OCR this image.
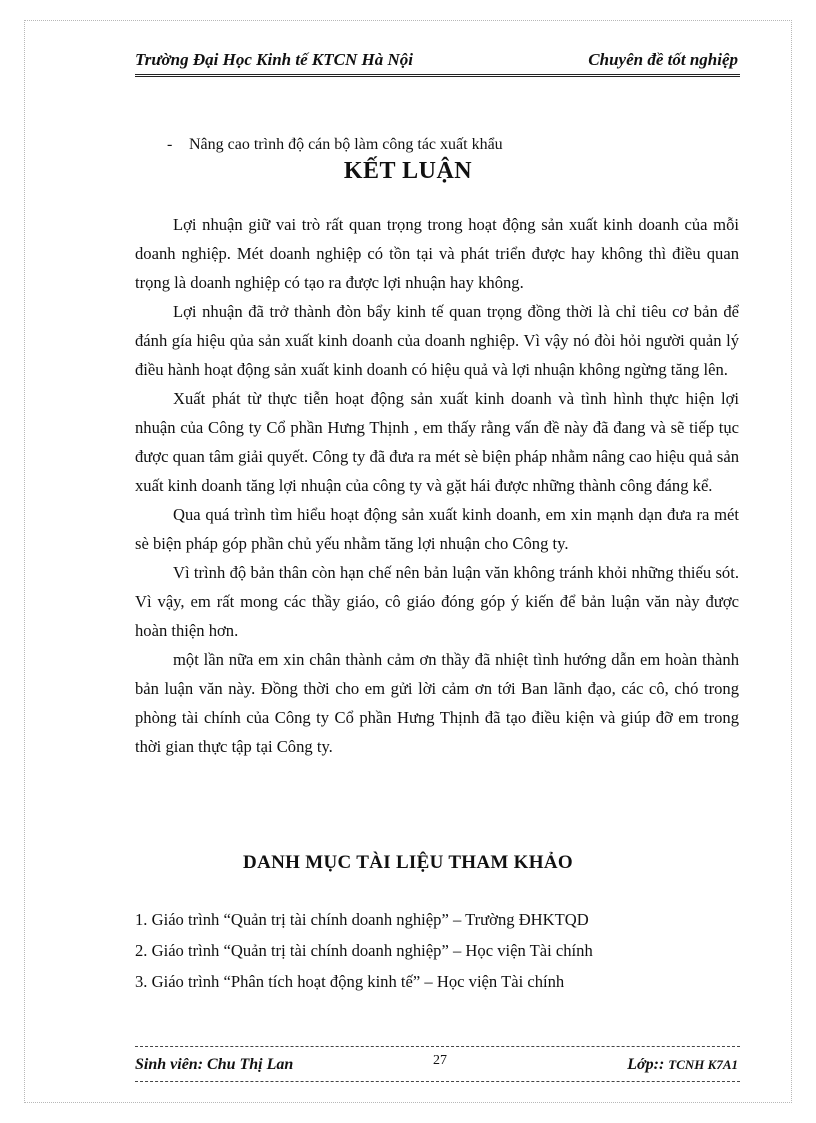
Trường Đại Học Kinh tế KTCN Hà Nội	Chuyên đề tốt nghiệp
- Nâng cao trình độ cán bộ làm công tác xuất khẩu
KẾT LUẬN

Lợi nhuận giữ vai trò rất quan trọng trong hoạt động sản xuất kinh doanh của mỗi doanh nghiệp. Mét doanh nghiệp có tồn tại và phát triển được hay không thì điều quan trọng là doanh nghiệp có tạo ra được lợi nhuận hay không.

Lợi nhuận đã trở thành đòn bẩy kinh tế quan trọng đồng thời là chỉ tiêu cơ bản để đánh gía hiệu qủa sản xuất kinh doanh của doanh nghiệp. Vì vậy nó đòi hỏi người quản lý điều hành hoạt động sản xuất kinh doanh có hiệu quả và lợi nhuận không ngừng tăng lên.

Xuất phát từ thực tiễn hoạt động sản xuất kinh doanh và tình hình thực hiện lợi nhuận của Công ty Cổ phần Hưng Thịnh , em thấy rằng vấn đề này đã đang và sẽ tiếp tục được quan tâm giải quyết. Công ty đã đưa ra mét sè biện pháp nhằm nâng cao hiệu quả sản xuất kinh doanh tăng lợi nhuận của công ty và gặt hái được những thành công đáng kể.

Qua quá trình tìm hiểu hoạt động sản xuất kinh doanh, em xin mạnh dạn đưa ra mét sè biện pháp góp phần chủ yếu nhằm tăng lợi nhuận cho Công ty.

Vì trình độ bản thân còn hạn chế nên bản luận văn không tránh khỏi những thiếu sót. Vì vậy, em rất mong các thầy giáo, cô giáo đóng góp ý kiến để bản luận văn này được hoàn thiện hơn.

một lần nữa em xin chân thành cảm ơn thầy đã nhiệt tình hướng dẫn em hoàn thành bản luận văn này. Đồng thời cho em gửi lời cảm ơn tới Ban lãnh đạo, các cô, chó trong phòng tài chính của Công ty Cổ phần Hưng Thịnh đã tạo điều kiện và giúp đỡ em trong thời gian thực tập tại Công ty.

DANH MỤC TÀI LIỆU THAM KHẢO
1. Giáo trình “Quản trị tài chính doanh nghiệp” – Trường ĐHKTQD
2. Giáo trình “Quản trị tài chính doanh nghiệp” – Học viện Tài chính
3. Giáo trình “Phân tích hoạt động kinh tế” – Học viện Tài chính
Sinh viên: Chu Thị Lan	27	Lớp:: TCNH K7A1
